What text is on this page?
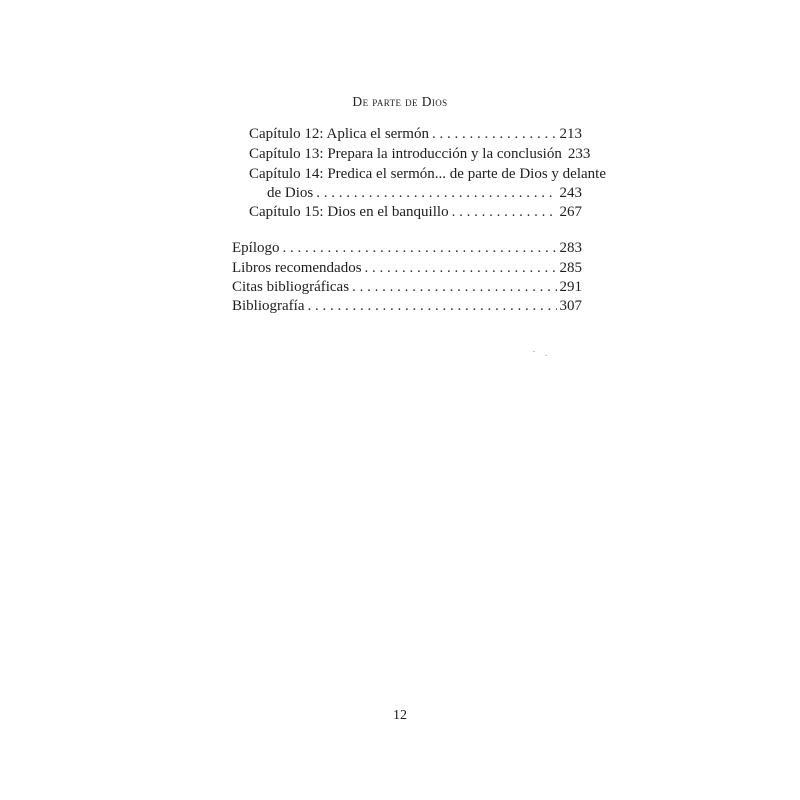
De parte de Dios
Capítulo 12: Aplica el sermón . . .	213
Capítulo 13: Prepara la introducción y la conclusión 233
Capítulo 14: Predica el sermón... de parte de Dios y delante
de Dios . . .	243
Capítulo 15: Dios en el banquillo . . .	267
Epílogo . . .	283
Libros recomendados . . .	285
Citas bibliográficas . . .	291
Bibliografía . . .	307
12
